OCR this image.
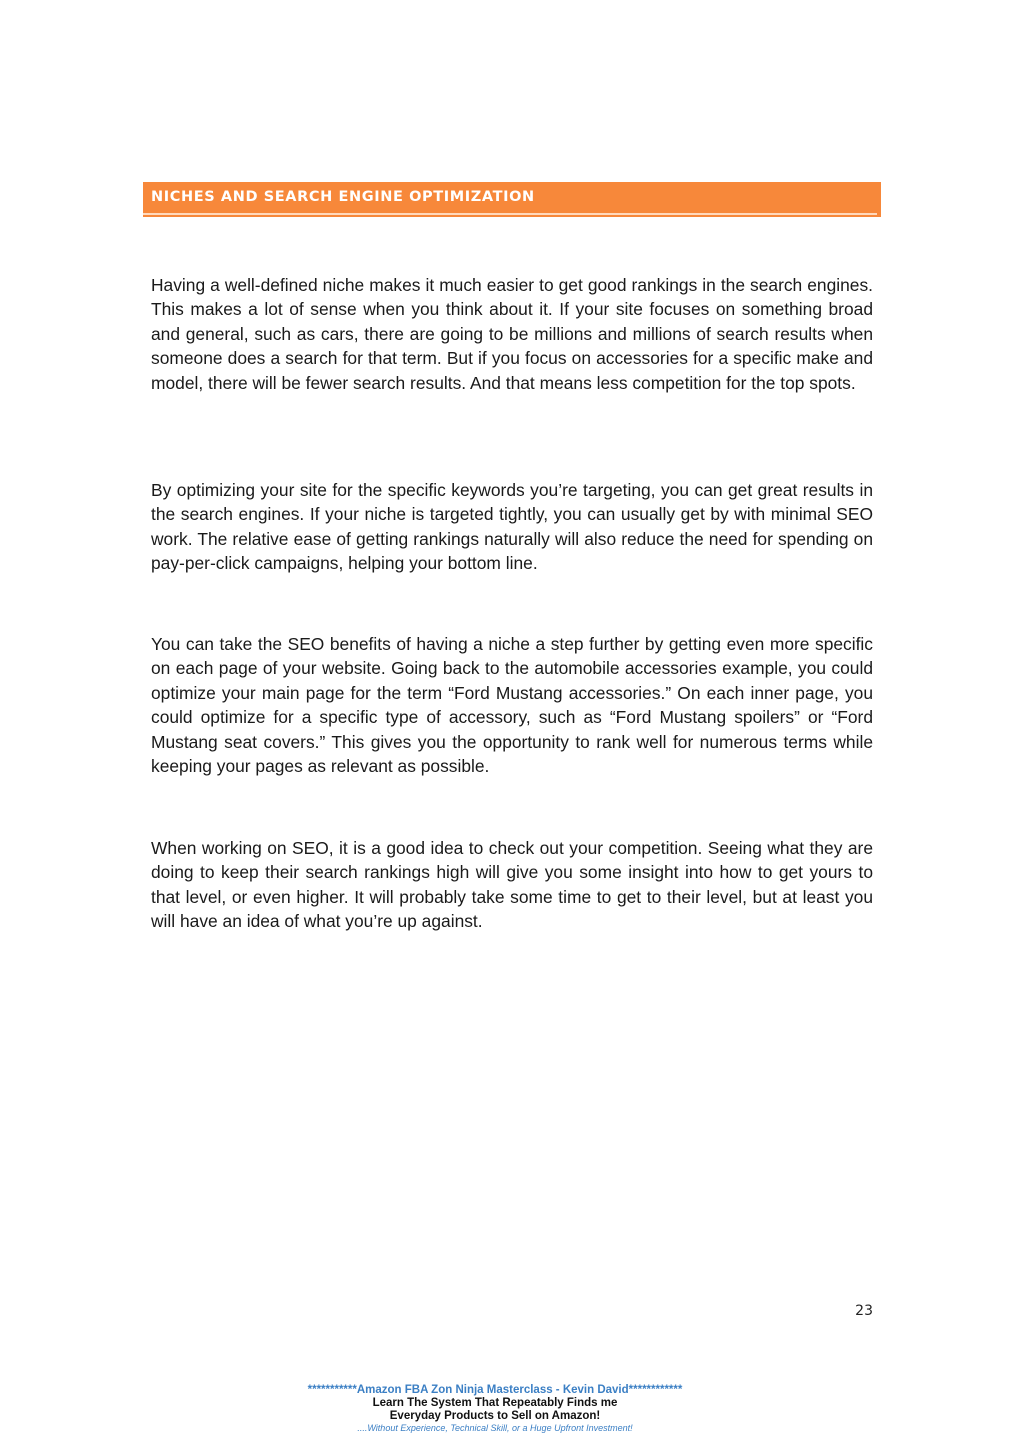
NICHES AND SEARCH ENGINE OPTIMIZATION

Having a well-defined niche makes it much easier to get good rankings in the search engines. This makes a lot of sense when you think about it. If your site focuses on something broad and general, such as cars, there are going to be millions and millions of search results when someone does a search for that term. But if you focus on accessories for a specific make and model, there will be fewer search results. And that means less competition for the top spots.

By optimizing your site for the specific keywords you’re targeting, you can get great results in the search engines. If your niche is targeted tightly, you can usually get by with minimal SEO work. The relative ease of getting rankings naturally will also reduce the need for spending on pay-per-click campaigns, helping your bottom line.

You can take the SEO benefits of having a niche a step further by getting even more specific on each page of your website. Going back to the automobile accessories example, you could optimize your main page for the term “Ford Mustang accessories.” On each inner page, you could optimize for a specific type of accessory, such as “Ford Mustang spoilers” or “Ford Mustang seat covers.” This gives you the opportunity to rank well for numerous terms while keeping your pages as relevant as possible.

When working on SEO, it is a good idea to check out your competition. Seeing what they are doing to keep their search rankings high will give you some insight into how to get yours to that level, or even higher. It will probably take some time to get to their level, but at least you will have an idea of what you’re up against.

23
***********Amazon FBA Zon Ninja Masterclass - Kevin David************
Learn The System That Repeatably Finds me
Everyday Products to Sell on Amazon!
....Without Experience, Technical Skill, or a Huge Upfront Investment!
